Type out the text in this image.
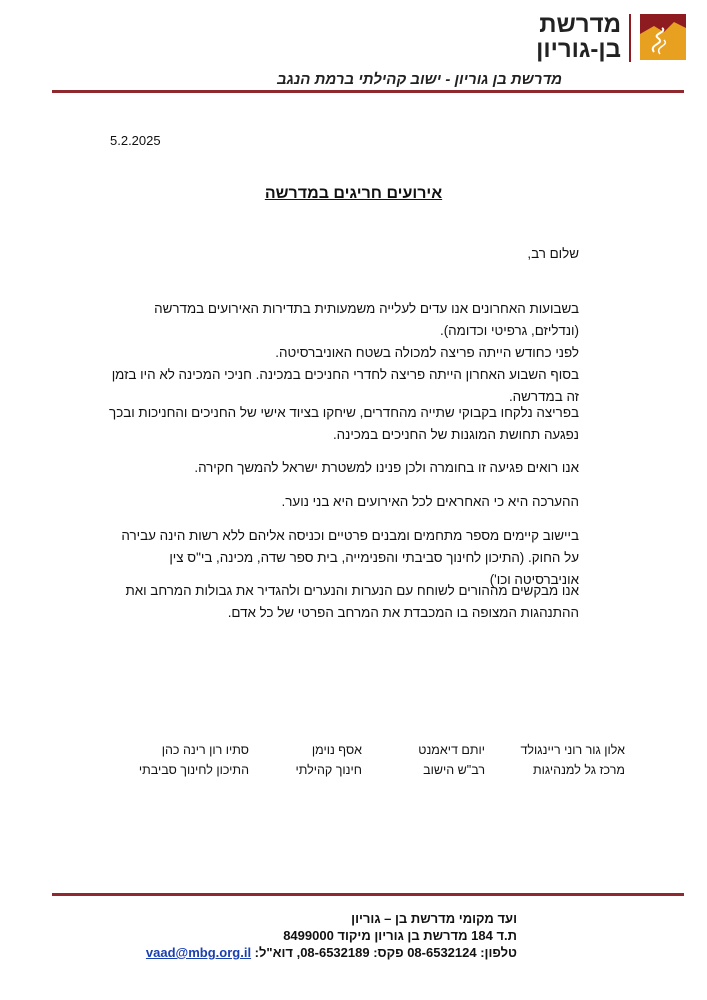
מדרשת
בן-גוריון
מדרשת בן גוריון - ישוב קהילתי ברמת הנגב
5.2.2025
אירועים חריגים במדרשה
שלום רב,

בשבועות האחרונים אנו עדים לעלייה משמעותית בתדירות האירועים במדרשה (ונדליזם, גרפיטי וכדומה).

לפני כחודש הייתה פריצה למכולה בשטח האוניברסיטה.

בסוף השבוע האחרון הייתה פריצה לחדרי החניכים במכינה. חניכי המכינה לא היו בזמן זה במדרשה.

בפריצה נלקחו בקבוקי שתייה מהחדרים, שיחקו בציוד אישי של החניכים והחניכות ובכך נפגעה תחושת המוגנות של החניכים במכינה.

אנו רואים פגיעה זו בחומרה ולכן פנינו למשטרת ישראל להמשך חקירה.

ההערכה היא כי האחראים לכל האירועים היא בני נוער.

ביישוב קיימים מספר מתחמים ומבנים פרטיים וכניסה אליהם ללא רשות הינה עבירה על החוק. (התיכון לחינוך סביבתי והפנימייה, בית ספר שדה, מכינה, בי"ס צין אוניברסיטה וכו')

אנו מבקשים מההורים לשוחח עם הנערות והנערים ולהגדיר את גבולות המרחב ואת ההתנהגות המצופה בו המכבדת את המרחב הפרטי של כל אדם.

אלון גור רוני ריינגולד
מרכז גל למנהיגות
יותם דיאמנט
רב"ש הישוב
אסף נוימן
חינוך קהילתי
סתיו רון רינה כהן
התיכון לחינוך סביבתי
ועד מקומי מדרשת בן – גוריון
ת.ד 184 מדרשת בן גוריון מיקוד 8499000
טלפון: 08-6532124 פקס: 08-6532189, דוא"ל: vaad@mbg.org.il
